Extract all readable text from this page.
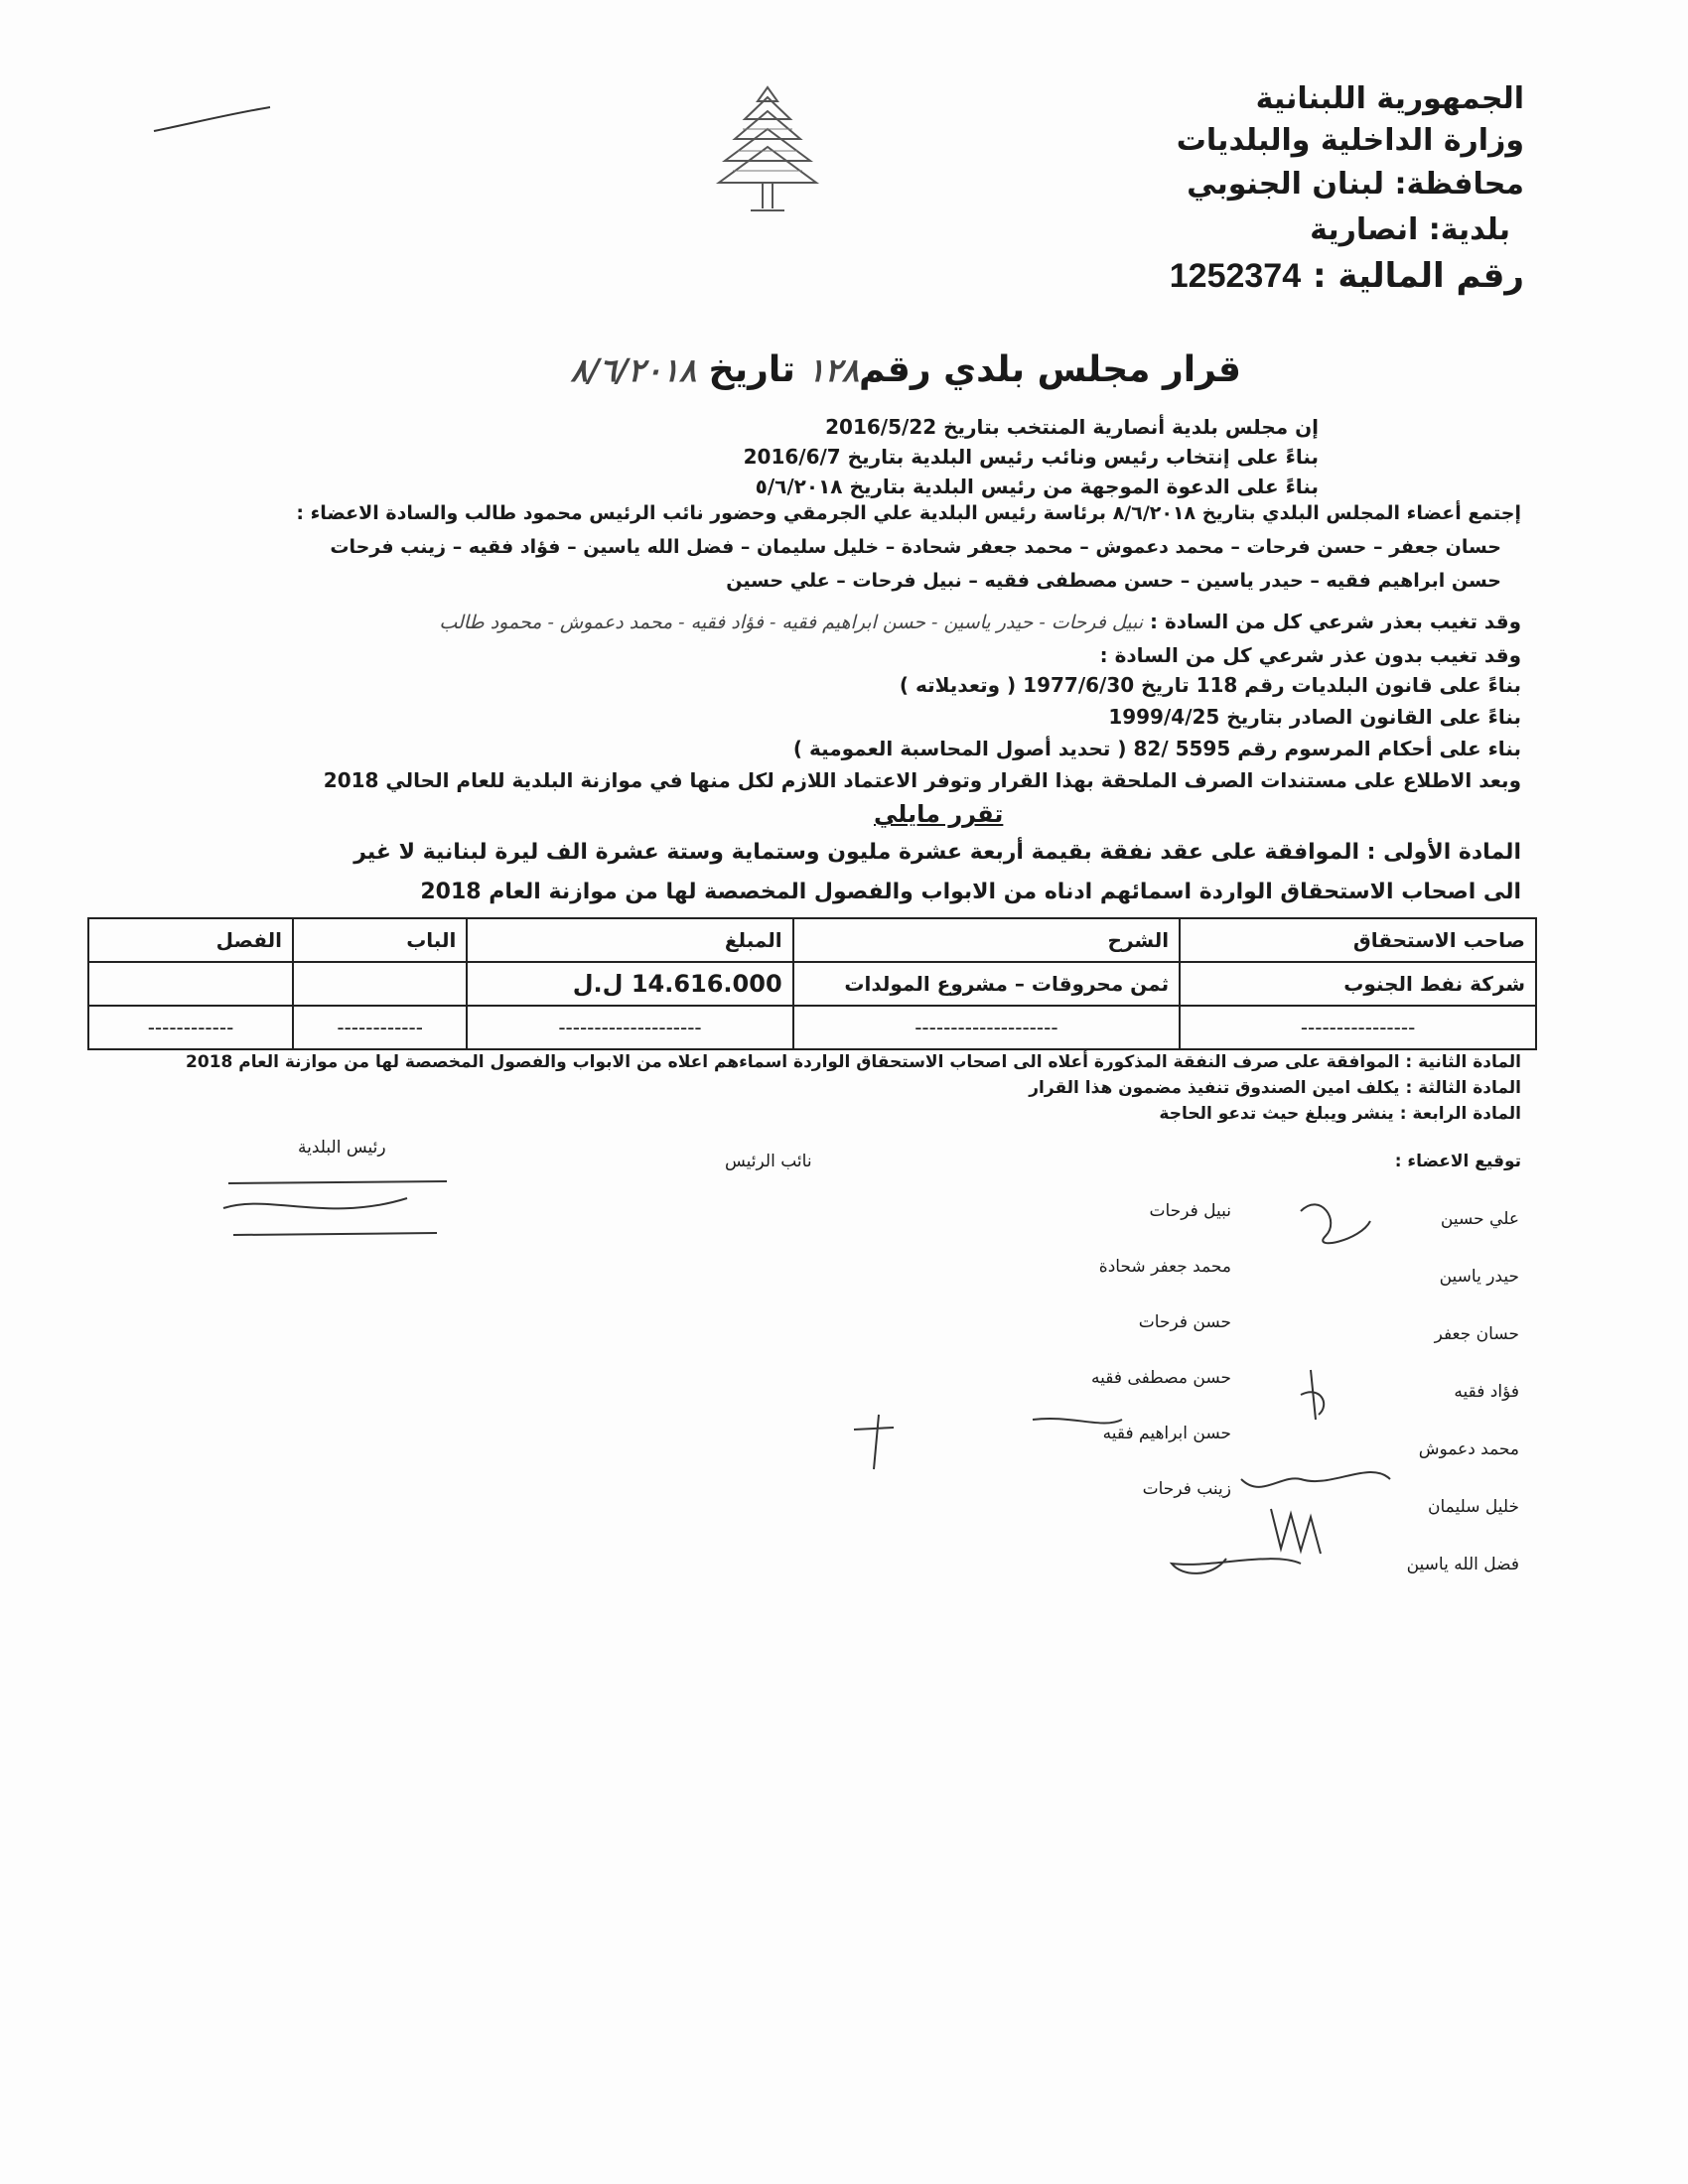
الجمهورية اللبنانية
وزارة الداخلية والبلديات
محافظة: لبنان الجنوبي
بلدية: انصارية
رقم المالية : 1252374
قرار مجلس بلدي رقم١٢٨ تاريخ ٨/٦/٢٠١٨
إن مجلس بلدية أنصارية المنتخب بتاريخ 2016/5/22
بناءً على إنتخاب رئيس ونائب رئيس البلدية بتاريخ 2016/6/7
بناءً على الدعوة الموجهة من رئيس البلدية بتاريخ ٥/٦/٢٠١٨
إجتمع أعضاء المجلس البلدي بتاريخ ٨/٦/٢٠١٨ برئاسة رئيس البلدية علي الجرمقي وحضور نائب الرئيس محمود طالب والسادة الاعضاء :
حسان جعفر – حسن فرحات – محمد دعموش – محمد جعفر شحادة – خليل سليمان – فضل الله ياسين – فؤاد فقيه – زينب فرحات
حسن ابراهيم فقيه – حيدر ياسين – حسن مصطفى فقيه – نبيل فرحات – علي حسين
وقد تغيب بعذر شرعي كل من السادة : نبيل فرحات - حيدر ياسين - حسن ابراهيم فقيه - فؤاد فقيه - محمد دعموش - محمود طالب
وقد تغيب بدون عذر شرعي كل من السادة :
بناءً على قانون البلديات رقم 118 تاريخ 1977/6/30 ( وتعديلاته )
بناءً على القانون الصادر بتاريخ 1999/4/25
بناء على أحكام المرسوم رقم 5595 /82 ( تحديد أصول المحاسبة العمومية )
وبعد الاطلاع على مستندات الصرف الملحقة بهذا القرار وتوفر الاعتماد اللازم لكل منها في موازنة البلدية للعام الحالي 2018
تقرر مايلي
المادة الأولى : الموافقة على عقد نفقة بقيمة أربعة عشرة مليون وستماية وستة عشرة الف ليرة لبنانية لا غير
الى اصحاب الاستحقاق الواردة اسمائهم ادناه من الابواب والفصول المخصصة لها من موازنة العام 2018
صاحب الاستحقاق	الشرح	المبلغ	الباب	الفصل
شركة نفط الجنوب	ثمن محروقات – مشروع المولدات	14.616.000 ل.ل		
----------------	--------------------	--------------------	------------	------------
المادة الثانية : الموافقة على صرف النفقة المذكورة أعلاه الى اصحاب الاستحقاق الواردة اسماءهم اعلاه من الابواب والفصول المخصصة لها من موازنة العام 2018
المادة الثالثة : يكلف امين الصندوق تنفيذ مضمون هذا القرار
المادة الرابعة : ينشر ويبلغ حيث تدعو الحاجة
رئيس البلدية
نائب الرئيس	توقيع الاعضاء :
علي حسين
حيدر ياسين
حسان جعفر
فؤاد فقيه
محمد دعموش
خليل سليمان
فضل الله ياسين
نبيل فرحات
محمد جعفر شحادة
حسن فرحات
حسن مصطفى فقيه
حسن ابراهيم فقيه
زينب فرحات
